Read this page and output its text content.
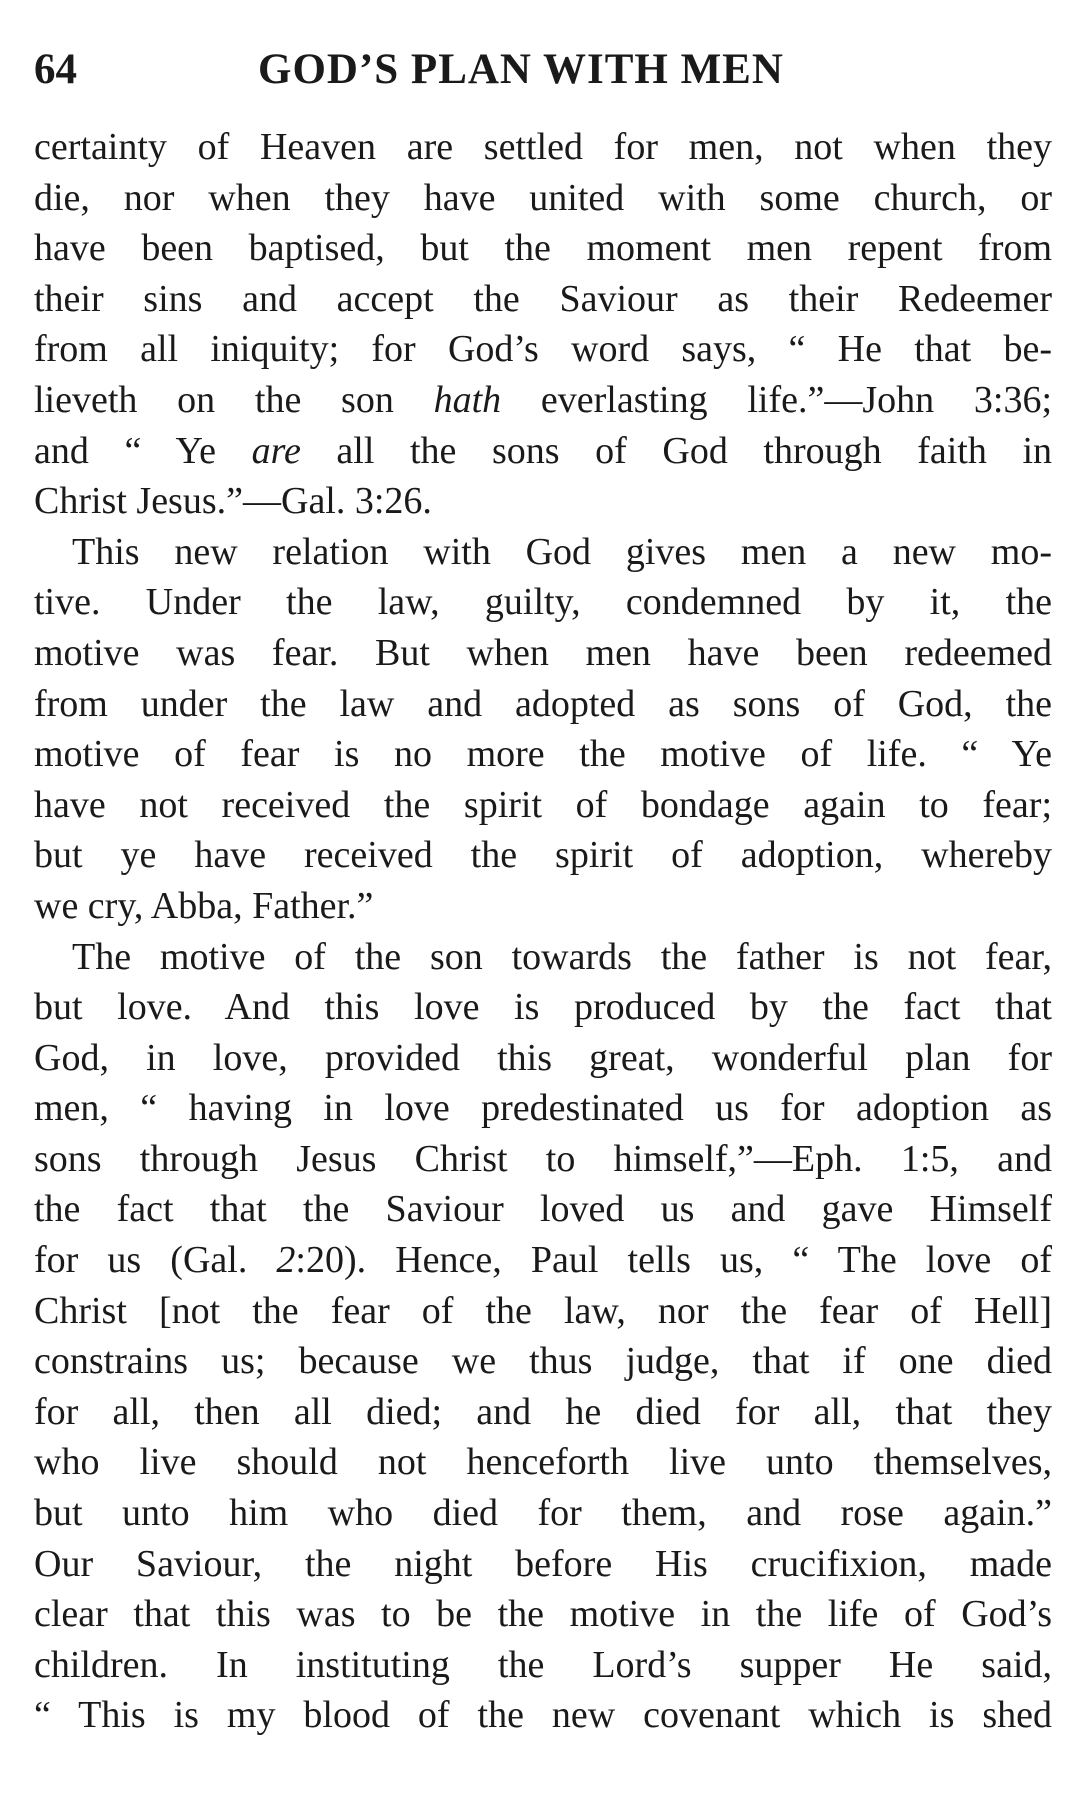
64	GOD’S PLAN WITH MEN
certainty of Heaven are settled for men, not when they
die, nor when they have united with some church, or
have been baptised, but the moment men repent from
their sins and accept the Saviour as their Redeemer
from all iniquity; for God’s word says, “ He that be-
lieveth on the son hath everlasting life.”—John 3:36;
and “ Ye are all the sons of God through faith in
Christ Jesus.”—Gal. 3:26.
This new relation with God gives men a new mo-
tive. Under the law, guilty, condemned by it, the
motive was fear. But when men have been redeemed
from under the law and adopted as sons of God, the
motive of fear is no more the motive of life. “ Ye
have not received the spirit of bondage again to fear;
but ye have received the spirit of adoption, whereby
we cry, Abba, Father.”
The motive of the son towards the father is not fear,
but love. And this love is produced by the fact that
God, in love, provided this great, wonderful plan for
men, “ having in love predestinated us for adoption as
sons through Jesus Christ to himself,”—Eph. 1:5, and
the fact that the Saviour loved us and gave Himself
for us (Gal. 2:20). Hence, Paul tells us, “ The love of
Christ [not the fear of the law, nor the fear of Hell]
constrains us; because we thus judge, that if one died
for all, then all died; and he died for all, that they
who live should not henceforth live unto themselves,
but unto him who died for them, and rose again.”
Our Saviour, the night before His crucifixion, made
clear that this was to be the motive in the life of God’s
children. In instituting the Lord’s supper He said,
“ This is my blood of the new covenant which is shed
